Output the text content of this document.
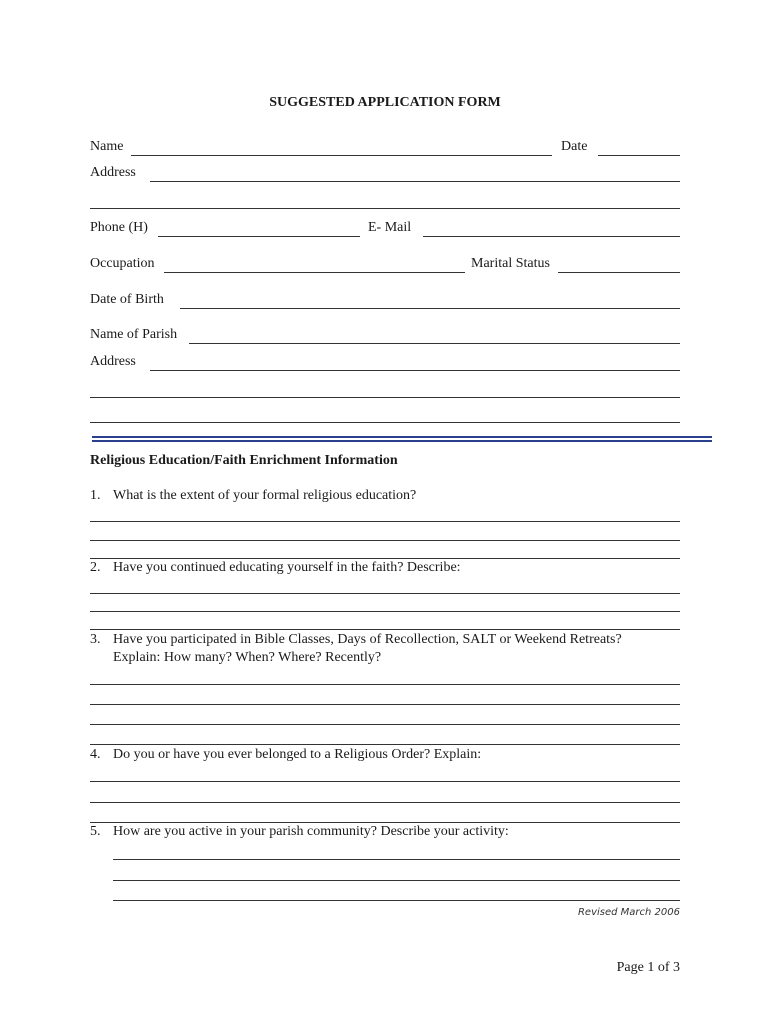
SUGGESTED APPLICATION FORM
Name	Date
Address
Phone (H)	E- Mail
Occupation	Marital Status
Date of Birth
Name of Parish
Address
Religious Education/Faith Enrichment Information
1. What is the extent of your formal religious education?
2. Have you continued educating yourself in the faith? Describe:
3. Have you participated in Bible Classes, Days of Recollection, SALT or Weekend Retreats?
Explain: How many? When? Where? Recently?
4. Do you or have you ever belonged to a Religious Order? Explain:
5. How are you active in your parish community? Describe your activity:
Revised March 2006
Page 1 of 3
